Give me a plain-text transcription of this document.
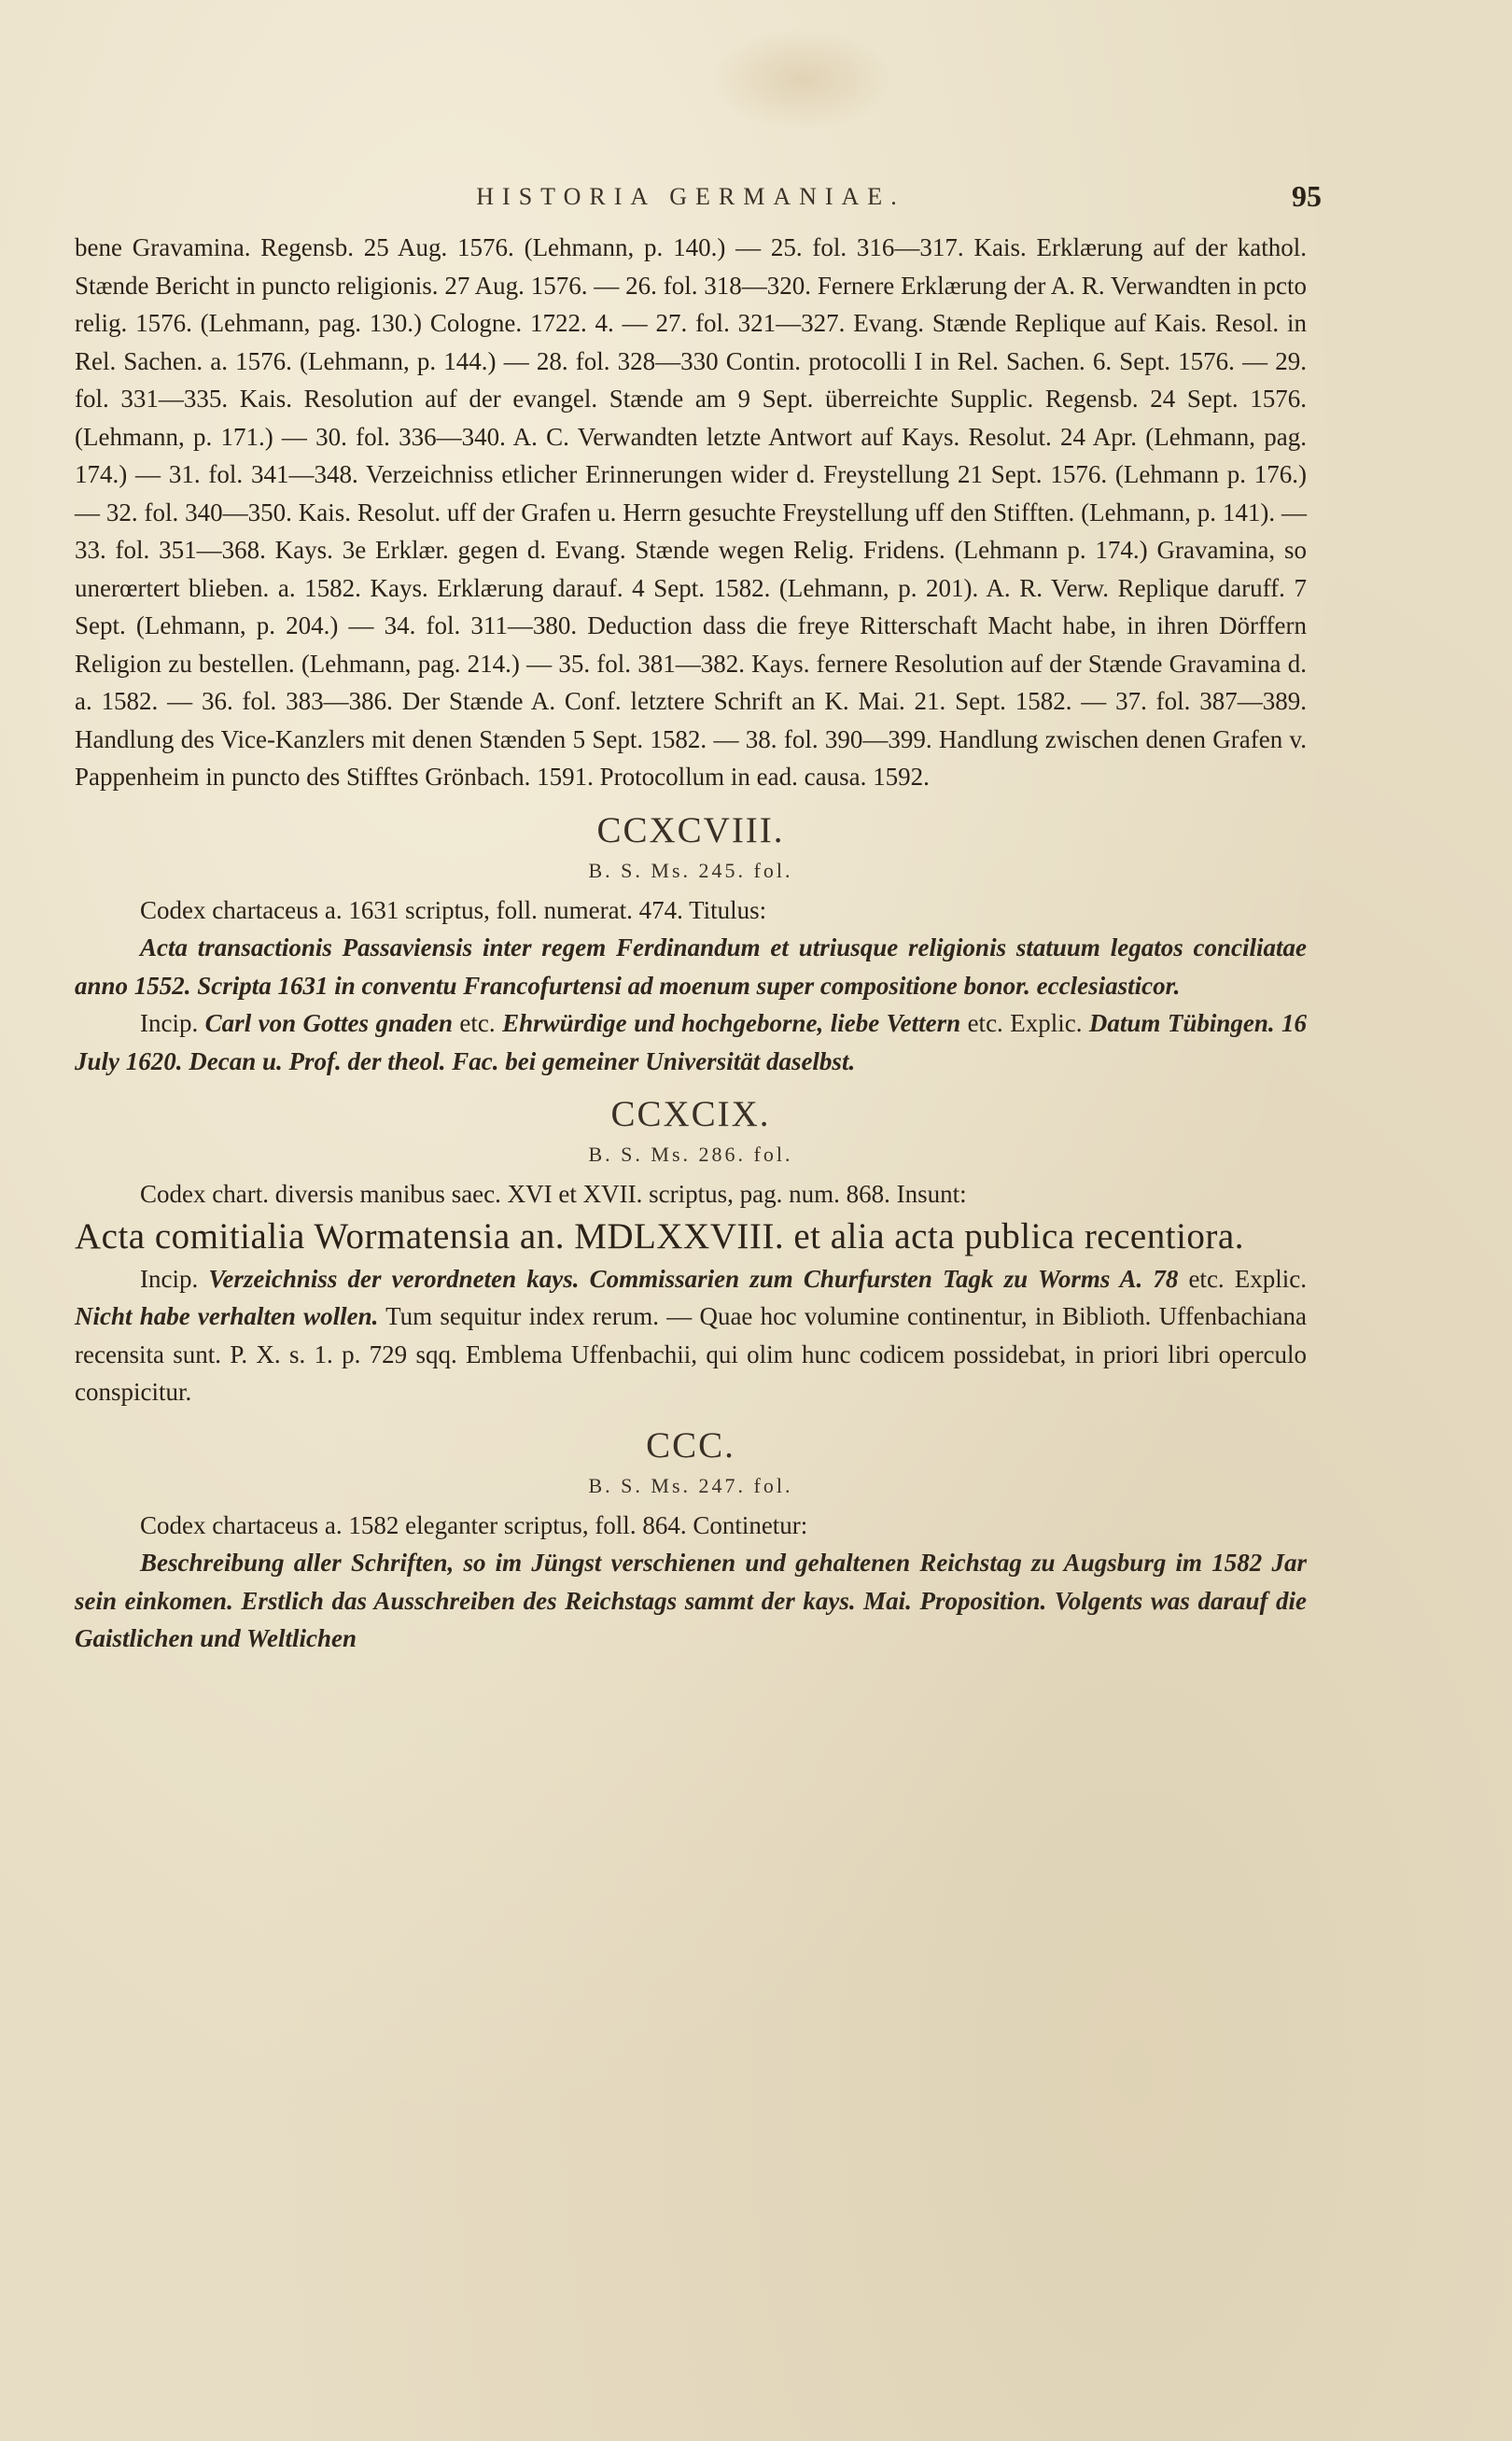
HISTORIA GERMANIAE.	95

bene Gravamina. Regensb. 25 Aug. 1576. (Lehmann, p. 140.) — 25. fol. 316—317. Kais. Erklærung auf der kathol. Stænde Bericht in puncto religionis. 27 Aug. 1576. — 26. fol. 318—320. Fernere Erklærung der A. R. Verwandten in pcto relig. 1576. (Lehmann, pag. 130.) Cologne. 1722. 4. — 27. fol. 321—327. Evang. Stænde Replique auf Kais. Resol. in Rel. Sachen. a. 1576. (Lehmann, p. 144.) — 28. fol. 328—330 Contin. protocolli I in Rel. Sachen. 6. Sept. 1576. — 29. fol. 331—335. Kais. Resolution auf der evangel. Stænde am 9 Sept. überreichte Supplic. Regensb. 24 Sept. 1576. (Lehmann, p. 171.) — 30. fol. 336—340. A. C. Verwandten letzte Antwort auf Kays. Resolut. 24 Apr. (Lehmann, pag. 174.) — 31. fol. 341—348. Verzeichniss etlicher Erinnerungen wider d. Freystellung 21 Sept. 1576. (Lehmann p. 176.) — 32. fol. 340—350. Kais. Resolut. uff der Grafen u. Herrn gesuchte Freystellung uff den Stifften. (Lehmann, p. 141). — 33. fol. 351—368. Kays. 3e Erklær. gegen d. Evang. Stænde wegen Relig. Fridens. (Lehmann p. 174.) Gravamina, so unerœrtert blieben. a. 1582. Kays. Erklærung darauf. 4 Sept. 1582. (Lehmann, p. 201). A. R. Verw. Replique daruff. 7 Sept. (Lehmann, p. 204.) — 34. fol. 311—380. Deduction dass die freye Ritterschaft Macht habe, in ihren Dörffern Religion zu bestellen. (Lehmann, pag. 214.) — 35. fol. 381—382. Kays. fernere Resolution auf der Stænde Gravamina d. a. 1582. — 36. fol. 383—386. Der Stænde A. Conf. letztere Schrift an K. Mai. 21. Sept. 1582. — 37. fol. 387—389. Handlung des Vice-Kanzlers mit denen Stænden 5 Sept. 1582. — 38. fol. 390—399. Handlung zwischen denen Grafen v. Pappenheim in puncto des Stifftes Grönbach. 1591. Protocollum in ead. causa. 1592.

CCXCVIII.
B. S. Ms. 245. fol.

Codex chartaceus a. 1631 scriptus, foll. numerat. 474. Titulus:

Acta transactionis Passaviensis inter regem Ferdinandum et utriusque religionis statuum legatos conciliatae anno 1552. Scripta 1631 in conventu Francofurtensi ad moenum super compositione bonor. ecclesiasticor.

Incip. Carl von Gottes gnaden etc. Ehrwürdige und hochgeborne, liebe Vettern etc. Explic. Datum Tübingen. 16 July 1620. Decan u. Prof. der theol. Fac. bei gemeiner Universität daselbst.

CCXCIX.
B. S. Ms. 286. fol.

Codex chart. diversis manibus saec. XVI et XVII. scriptus, pag. num. 868. Insunt:

Acta comitialia Wormatensia an. MDLXXVIII. et alia acta publica recentiora.

Incip. Verzeichniss der verordneten kays. Commissarien zum Churfursten Tagk zu Worms A. 78 etc. Explic. Nicht habe verhalten wollen. Tum sequitur index rerum. — Quae hoc volumine continentur, in Biblioth. Uffenbachiana recensita sunt. P. X. s. 1. p. 729 sqq. Emblema Uffenbachii, qui olim hunc codicem possidebat, in priori libri operculo conspicitur.

CCC.
B. S. Ms. 247. fol.

Codex chartaceus a. 1582 eleganter scriptus, foll. 864. Continetur:

Beschreibung aller Schriften, so im Jüngst verschienen und gehaltenen Reichstag zu Augsburg im 1582 Jar sein einkomen. Erstlich das Ausschreiben des Reichstags sammt der kays. Mai. Proposition. Volgents was darauf die Gaistlichen und Weltlichen
